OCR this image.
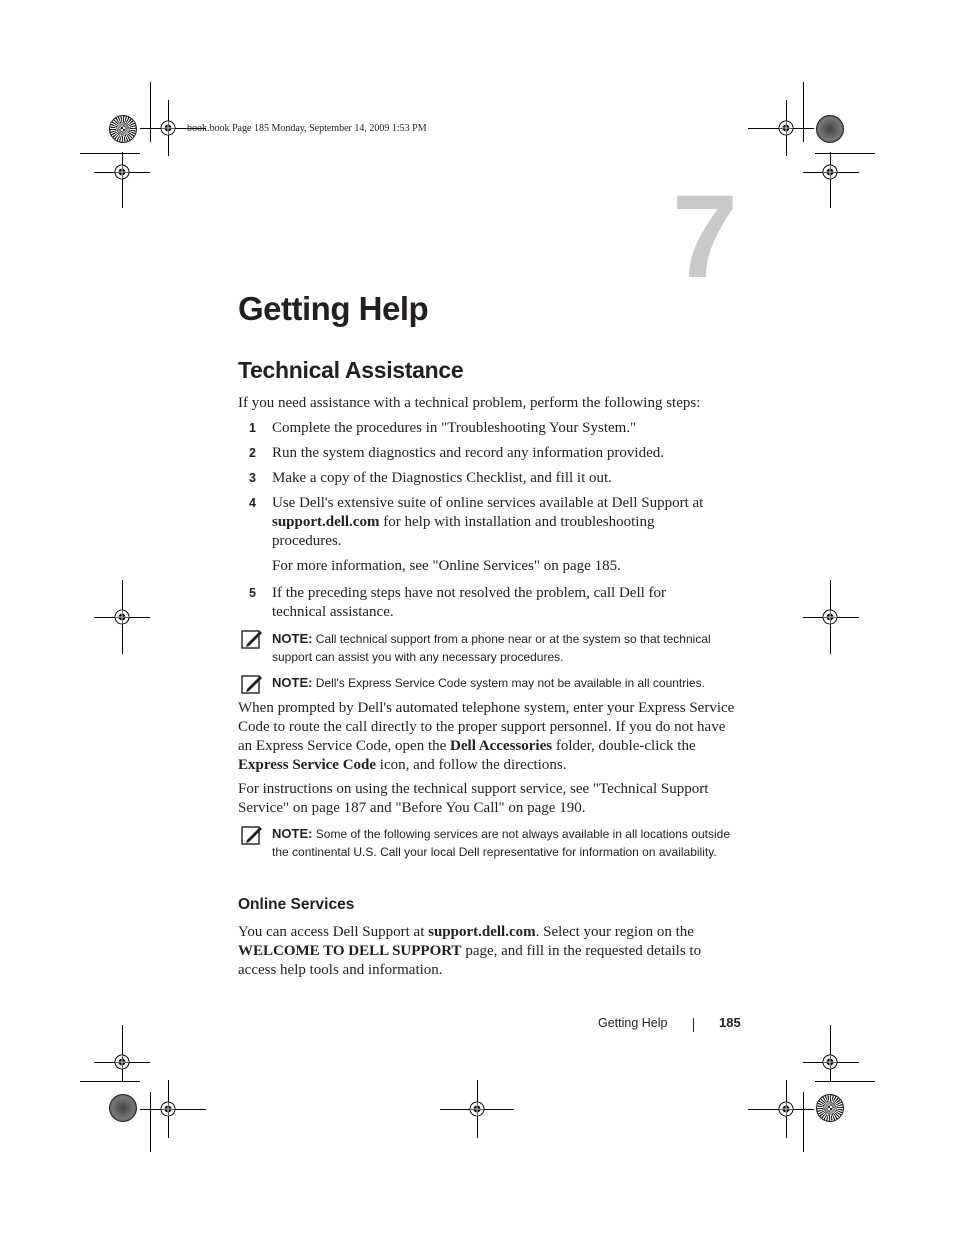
book.book Page 185 Monday, September 14, 2009 1:53 PM
7
Getting Help
Technical Assistance
If you need assistance with a technical problem, perform the following steps:
1 Complete the procedures in "Troubleshooting Your System."
2 Run the system diagnostics and record any information provided.
3 Make a copy of the Diagnostics Checklist, and fill it out.
4 Use Dell's extensive suite of online services available at Dell Support at support.dell.com for help with installation and troubleshooting procedures.
For more information, see "Online Services" on page 185.
5 If the preceding steps have not resolved the problem, call Dell for technical assistance.
NOTE: Call technical support from a phone near or at the system so that technical support can assist you with any necessary procedures.
NOTE: Dell's Express Service Code system may not be available in all countries.
When prompted by Dell's automated telephone system, enter your Express Service Code to route the call directly to the proper support personnel. If you do not have an Express Service Code, open the Dell Accessories folder, double-click the Express Service Code icon, and follow the directions.
For instructions on using the technical support service, see "Technical Support Service" on page 187 and "Before You Call" on page 190.
NOTE: Some of the following services are not always available in all locations outside the continental U.S. Call your local Dell representative for information on availability.
Online Services
You can access Dell Support at support.dell.com. Select your region on the WELCOME TO DELL SUPPORT page, and fill in the requested details to access help tools and information.
Getting Help	185
